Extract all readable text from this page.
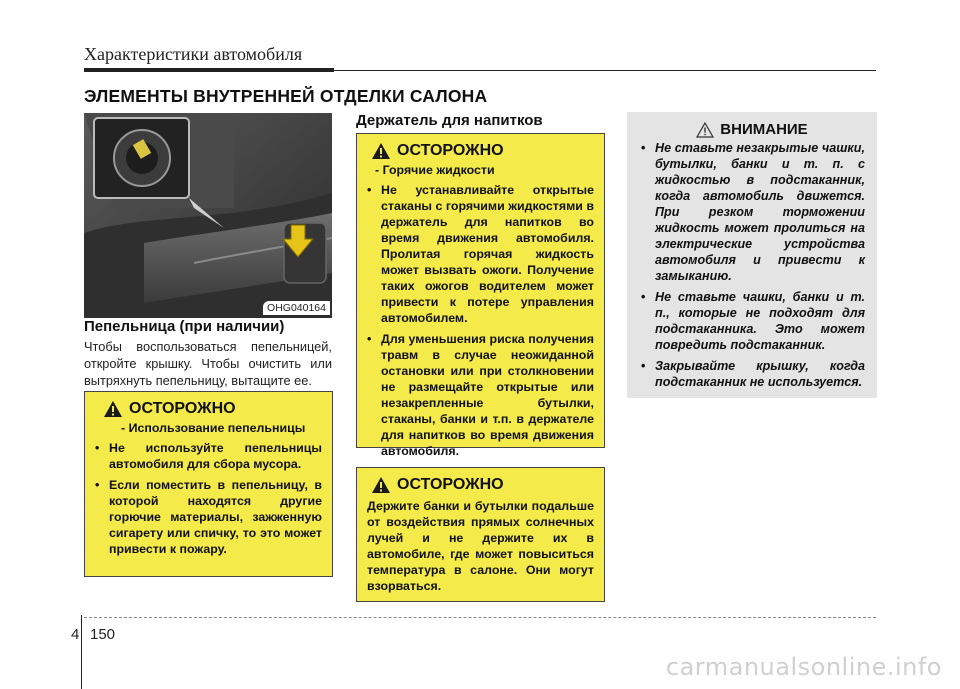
Характеристики автомобиля
ЭЛЕМЕНТЫ ВНУТРЕННЕЙ ОТДЕЛКИ САЛОНА
OHG040164
Пепельница (при наличии)
Чтобы воспользоваться пепельницей, откройте крышку. Чтобы очистить или вытряхнуть пепельницу, вытащите ее.
ОСТОРОЖНО
- Использование пепельницы
• Не используйте пепельницы автомобиля для сбора мусора.
• Если поместить в пепельницу, в которой находятся другие горючие материалы, зажженную сигарету или спичку, то это может привести к пожару.
Держатель для напитков
ОСТОРОЖНО
- Горячие жидкости
• Не устанавливайте открытые стаканы с горячими жидкостями в держатель для напитков во время движения автомобиля. Пролитая горячая жидкость может вызвать ожоги. Получение таких ожогов водителем может привести к потере управления автомобилем.
• Для уменьшения риска получения травм в случае неожиданной остановки или при столкновении не размещайте открытые или незакрепленные бутылки, стаканы, банки и т.п. в держателе для напитков во время движения автомобиля.
ОСТОРОЖНО
Держите банки и бутылки подальше от воздействия прямых солнечных лучей и не держите их в автомобиле, где может повыситься температура в салоне. Они могут взорваться.
ВНИМАНИЕ
• Не ставьте незакрытые чашки, бутылки, банки и т. п. с жидкостью в подстаканник, когда автомобиль движется. При резком торможении жидкость может пролиться на электрические устройства автомобиля и привести к замыканию.
• Не ставьте чашки, банки и т. п., которые не подходят для подстаканника. Это может повредить подстаканник.
• Закрывайте крышку, когда подстаканник не используется.
4 150
carmanualsonline.info
